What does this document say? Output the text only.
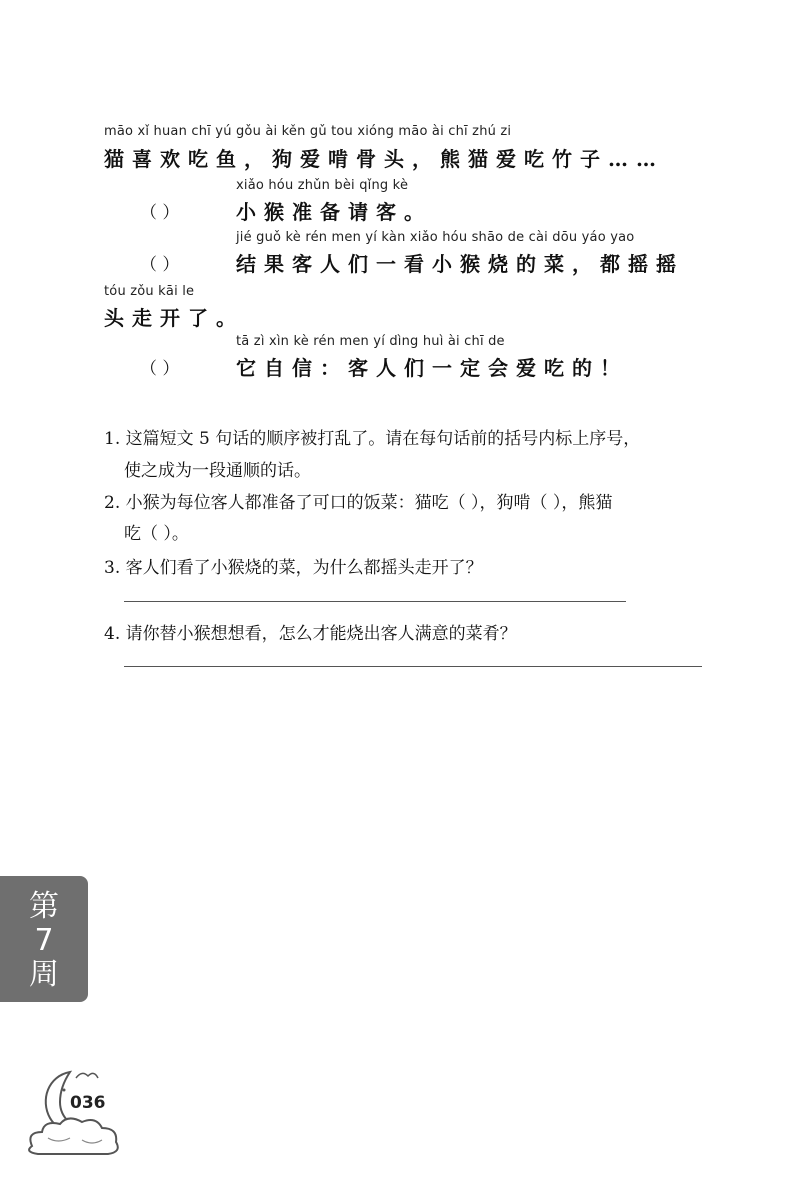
māo xǐ huan chī yú gǒu ài kěn gǔ tou xióng māo ài chī zhú zi
猫喜欢吃鱼，狗爱啃骨头，熊猫爱吃竹子……
xiǎo hóu zhǔn bèi qǐng kè
（ ）	小猴准备请客。
jié guǒ kè rén men yí kàn xiǎo hóu shāo de cài dōu yáo yao
（ ）	结果客人们一看小猴烧的菜，都摇摇
tóu zǒu kāi le
头走开了。
tā zì xìn kè rén men yí dìng huì ài chī de
（ ）	它自信：客人们一定会爱吃的！
1. 这篇短文 5 句话的顺序被打乱了。请在每句话前的括号内标上序号，
使之成为一段通顺的话。
2. 小猴为每位客人都准备了可口的饭菜：猫吃（ ），狗啃（ ），熊猫
吃（ ）。
3. 客人们看了小猴烧的菜，为什么都摇头走开了？
4. 请你替小猴想想看，怎么才能烧出客人满意的菜肴？
第
7
周
036
